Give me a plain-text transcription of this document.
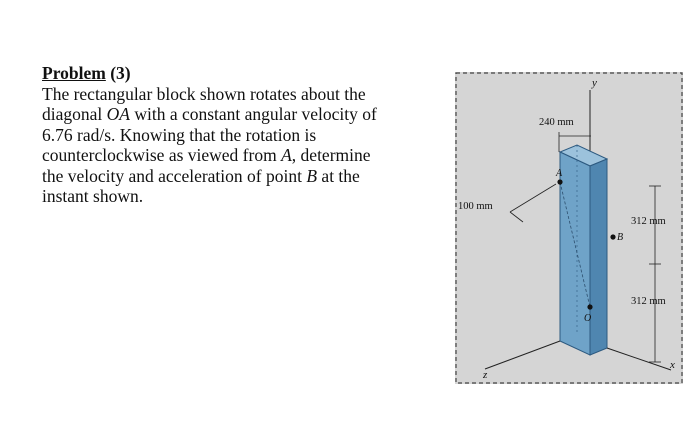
Problem (3)
The rectangular block shown rotates about the
diagonal OA with a constant angular velocity of
6.76 rad/s. Knowing that the rotation is
counterclockwise as viewed from A, determine
the velocity and acceleration of point B at the
instant shown.
y
A
B
O
240 mm
100 mm
312 mm
312 mm
z
x
